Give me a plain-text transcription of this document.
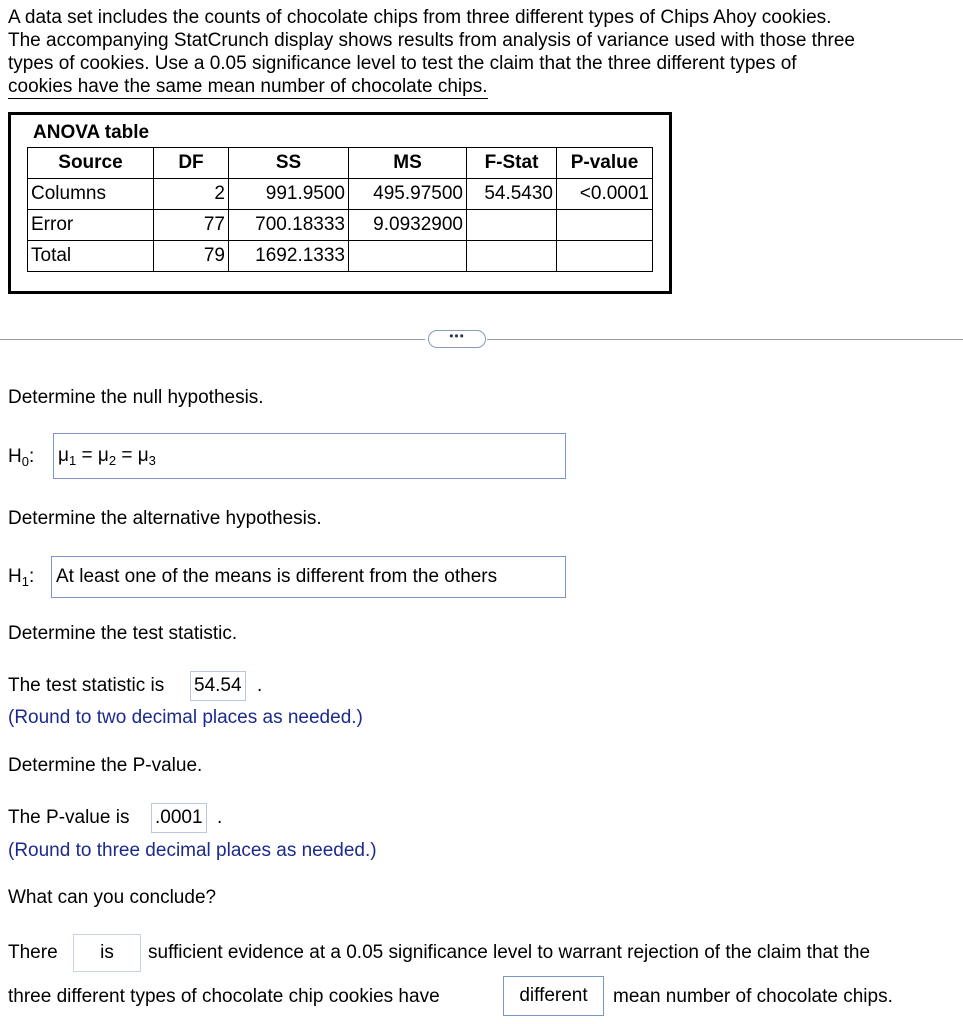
A data set includes the counts of chocolate chips from three different types of Chips Ahoy cookies.
The accompanying StatCrunch display shows results from analysis of variance used with those three
types of cookies. Use a 0.05 significance level to test the claim that the three different types of
cookies have the same mean number of chocolate chips.
ANOVA table
Source	DF	SS	MS	F-Stat	P-value
Columns	2	991.9500	495.97500	54.5430	<0.0001
Error	77	700.18333	9.0932900		
Total	79	1692.1333			
•••
Determine the null hypothesis.
$H_0$: $\mu_1 = \mu_2 = \mu_3$
Determine the alternative hypothesis.
$H_1$: At least one of the means is different from the others
Determine the test statistic.
The test statistic is 54.54 .
(Round to two decimal places as needed.)
Determine the P-value.
The P-value is .0001 .
(Round to three decimal places as needed.)
What can you conclude?
There	is	sufficient evidence at a 0.05 significance level to warrant rejection of the claim that the
three different types of chocolate chip cookies have	different	mean number of chocolate chips.
